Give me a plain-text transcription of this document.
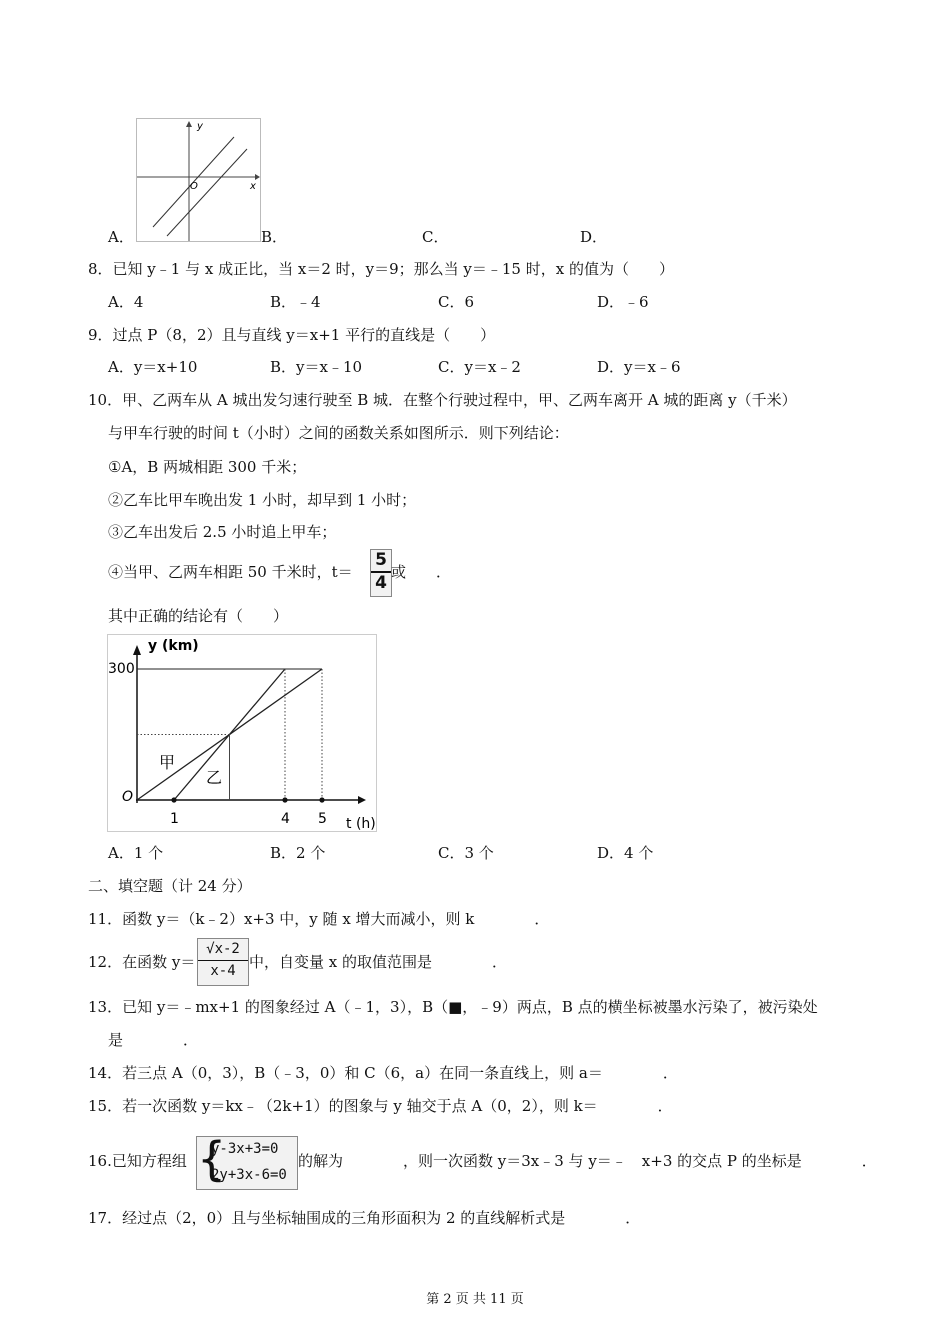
y
x
O
A．	B．	C．	D．
8．已知 y﹣1 与 x 成正比，当 x＝2 时，y＝9；那么当 y＝﹣15 时，x 的值为（　　）
A．4	B．﹣4	C．6	D．﹣6
9．过点 P（8，2）且与直线 y＝x+1 平行的直线是（　　）
A．y＝x+10	B．y＝x﹣10	C．y＝x﹣2	D．y＝x﹣6
10．甲、乙两车从 A 城出发匀速行驶至 B 城．在整个行驶过程中，甲、乙两车离开 A 城的距离 y（千米）
与甲车行驶的时间 t（小时）之间的函数关系如图所示．则下列结论：
①A，B 两城相距 300 千米；
②乙车比甲车晚出发 1 小时，却早到 1 小时；
③乙车出发后 2.5 小时追上甲车；
④当甲、乙两车相距 50 千米时，$t= \frac{5}{4}$ 或　　．
其中正确的结论有（　　）
y (km)
t (h)
O
300
甲
乙
1	4 5
A．1 个	B．2 个	C．3 个	D．4 个
二、填空题（计 24 分）
11．函数 y＝（k﹣2）x+3 中，y 随 x 增大而减小，则 k　　　　．
12．在函数 $y= \frac{√x-2}{x-4}$ 中，自变量 x 的取值范围是　　　　．
13．已知 y＝﹣mx+1 的图象经过 A（﹣1，3），B（■，﹣9）两点，B 点的横坐标被墨水污染了，被污染处
是　　　　．
14．若三点 A（0，3），B（﹣3，0）和 C（6，a）在同一条直线上，则 a＝　　　　．
15．若一次函数 y＝kx﹣（2k+1）的图象与 y 轴交于点 A（0，2），则 k＝　　　　．
16.已知方程组 {
y-3x+3=0
2y+3x-6=0
的解为　　　　，则一次函数 y＝3x﹣3 与 y＝﹣　x+3 的交点 P 的坐标是　　　　．
17．经过点（2，0）且与坐标轴围成的三角形面积为 2 的直线解析式是　　　　．
第 2 页 共 11 页
